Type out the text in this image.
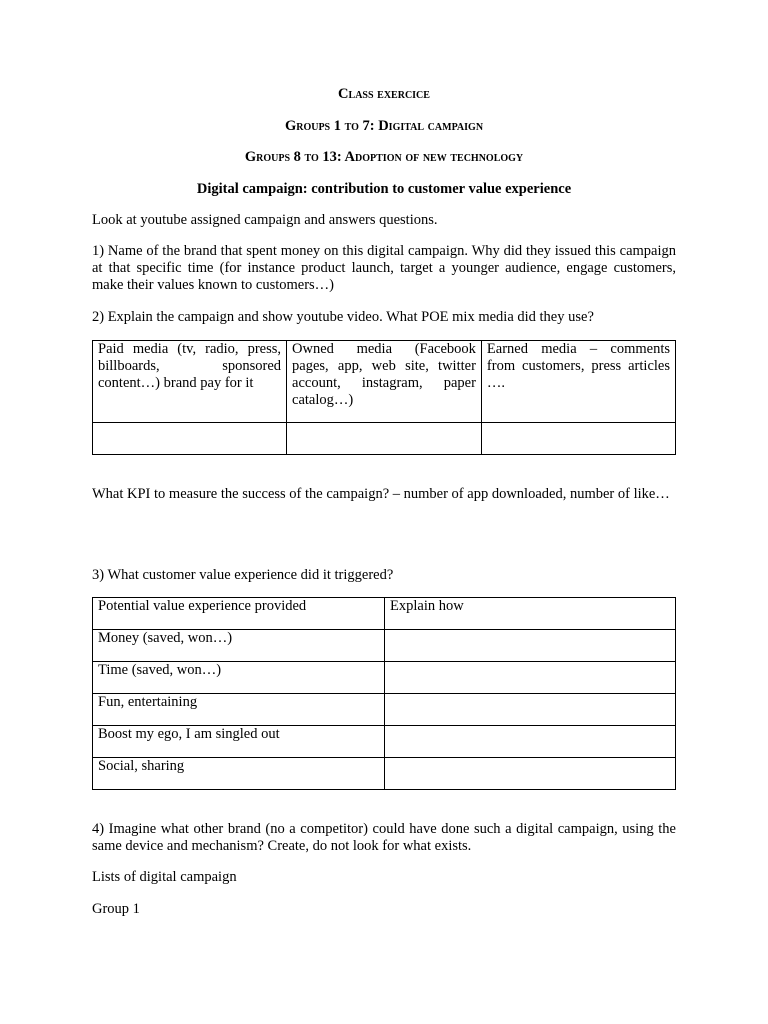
Class exercice
Groups 1 to 7: Digital campaign
Groups 8 to 13: Adoption of new technology
Digital campaign: contribution to customer value experience
Look at youtube assigned campaign and answers questions.
1) Name of the brand that spent money on this digital campaign. Why did they issued this campaign at that specific time (for instance product launch, target a younger audience, engage customers, make their values known to customers…)
2) Explain the campaign and show youtube video. What POE mix media did they use?
Paid media (tv, radio, press, billboards, sponsored content…) brand pay for it	Owned media (Facebook pages, app, web site, twitter account, instagram, paper catalog…)	Earned media – comments from customers, press articles ….

What KPI to measure the success of the campaign? – number of app downloaded, number of like…
3) What customer value experience did it triggered?
Potential value experience provided	Explain how
Money (saved, won…)	
Time (saved, won…)	
Fun, entertaining	
Boost my ego, I am singled out	
Social, sharing	
4) Imagine what other brand (no a competitor) could have done such a digital campaign, using the same device and mechanism? Create, do not look for what exists.
Lists of digital campaign
Group 1
